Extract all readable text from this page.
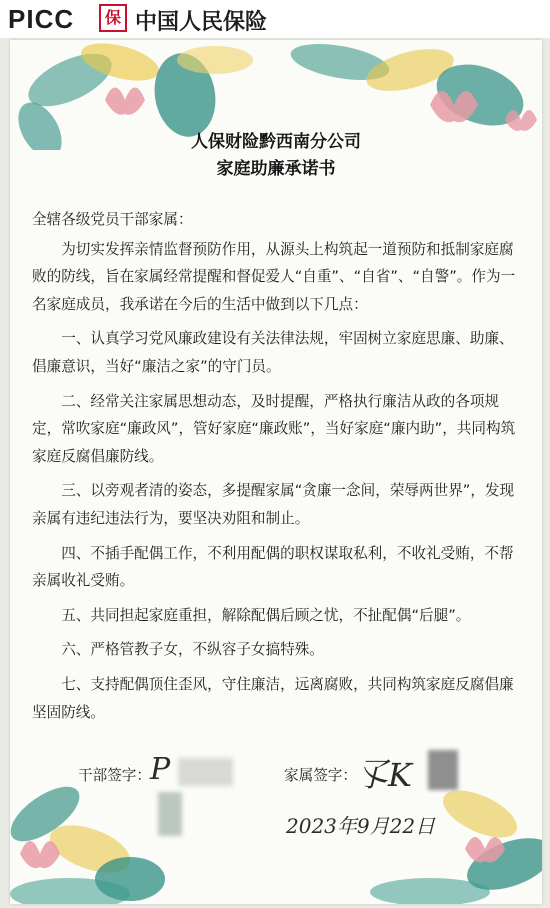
PICC	保 中国人民保险
人保财险黔西南分公司
家庭助廉承诺书

全辖各级党员干部家属：

为切实发挥亲情监督预防作用，从源头上构筑起一道预防和抵制家庭腐败的防线，旨在家属经常提醒和督促爱人“自重”、“自省”、“自警”。作为一名家庭成员，我承诺在今后的生活中做到以下几点：

一、认真学习党风廉政建设有关法律法规，牢固树立家庭思廉、助廉、倡廉意识，当好“廉洁之家”的守门员。

二、经常关注家属思想动态，及时提醒，严格执行廉洁从政的各项规定，常吹家庭“廉政风”，管好家庭“廉政账”，当好家庭“廉内助”，共同构筑家庭反腐倡廉防线。

三、以旁观者清的姿态，多提醒家属“贪廉一念间，荣辱两世界”，发现亲属有违纪违法行为，要坚决劝阻和制止。

四、不插手配偶工作，不利用配偶的职权谋取私利，不收礼受贿，不帮亲属收礼受贿。

五、共同担起家庭重担，解除配偶后顾之忧，不扯配偶“后腿”。

六、严格管教子女，不纵容子女搞特殊。

七、支持配偶顶住歪风，守住廉洁，远离腐败，共同构筑家庭反腐倡廉坚固防线。

干部签字： P	家属签字： 孓K
2023年9月22日
